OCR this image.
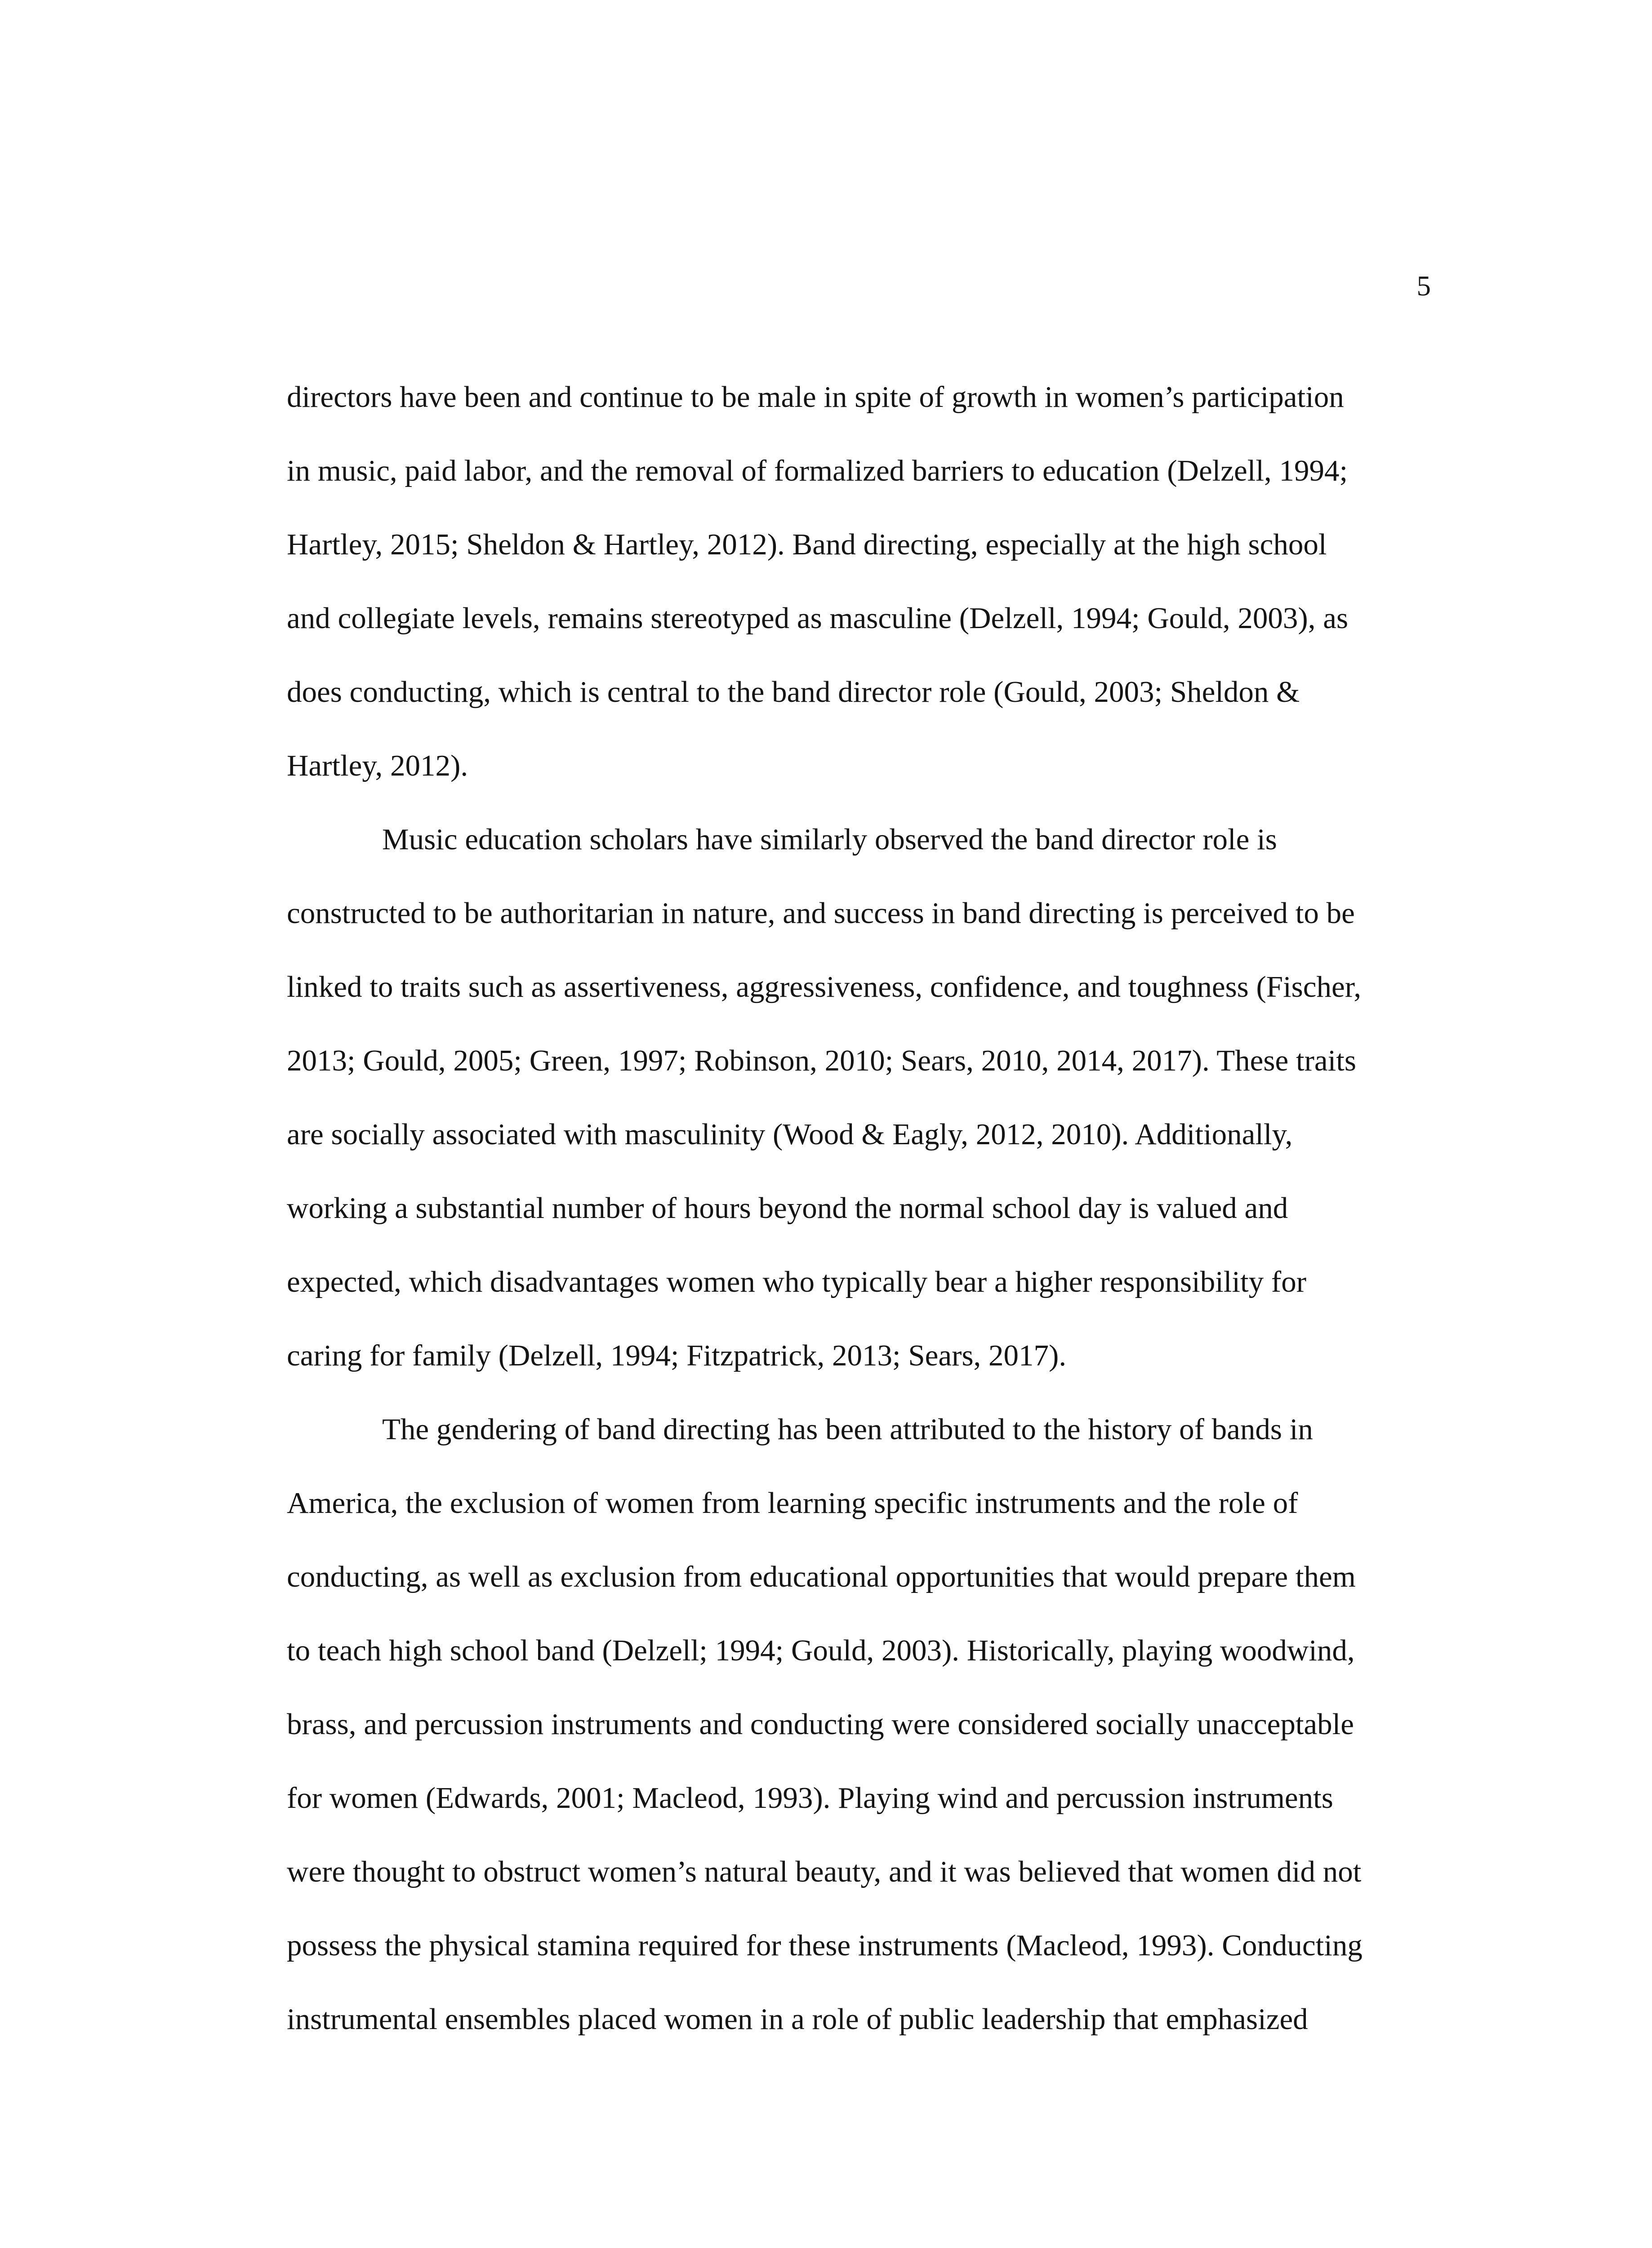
5
directors have been and continue to be male in spite of growth in women’s participation
in music, paid labor, and the removal of formalized barriers to education (Delzell, 1994;
Hartley, 2015; Sheldon & Hartley, 2012). Band directing, especially at the high school
and collegiate levels, remains stereotyped as masculine (Delzell, 1994; Gould, 2003), as
does conducting, which is central to the band director role (Gould, 2003; Sheldon &
Hartley, 2012).
Music education scholars have similarly observed the band director role is
constructed to be authoritarian in nature, and success in band directing is perceived to be
linked to traits such as assertiveness, aggressiveness, confidence, and toughness (Fischer,
2013; Gould, 2005; Green, 1997; Robinson, 2010; Sears, 2010, 2014, 2017). These traits
are socially associated with masculinity (Wood & Eagly, 2012, 2010). Additionally,
working a substantial number of hours beyond the normal school day is valued and
expected, which disadvantages women who typically bear a higher responsibility for
caring for family (Delzell, 1994; Fitzpatrick, 2013; Sears, 2017).
The gendering of band directing has been attributed to the history of bands in
America, the exclusion of women from learning specific instruments and the role of
conducting, as well as exclusion from educational opportunities that would prepare them
to teach high school band (Delzell; 1994; Gould, 2003). Historically, playing woodwind,
brass, and percussion instruments and conducting were considered socially unacceptable
for women (Edwards, 2001; Macleod, 1993). Playing wind and percussion instruments
were thought to obstruct women’s natural beauty, and it was believed that women did not
possess the physical stamina required for these instruments (Macleod, 1993). Conducting
instrumental ensembles placed women in a role of public leadership that emphasized
